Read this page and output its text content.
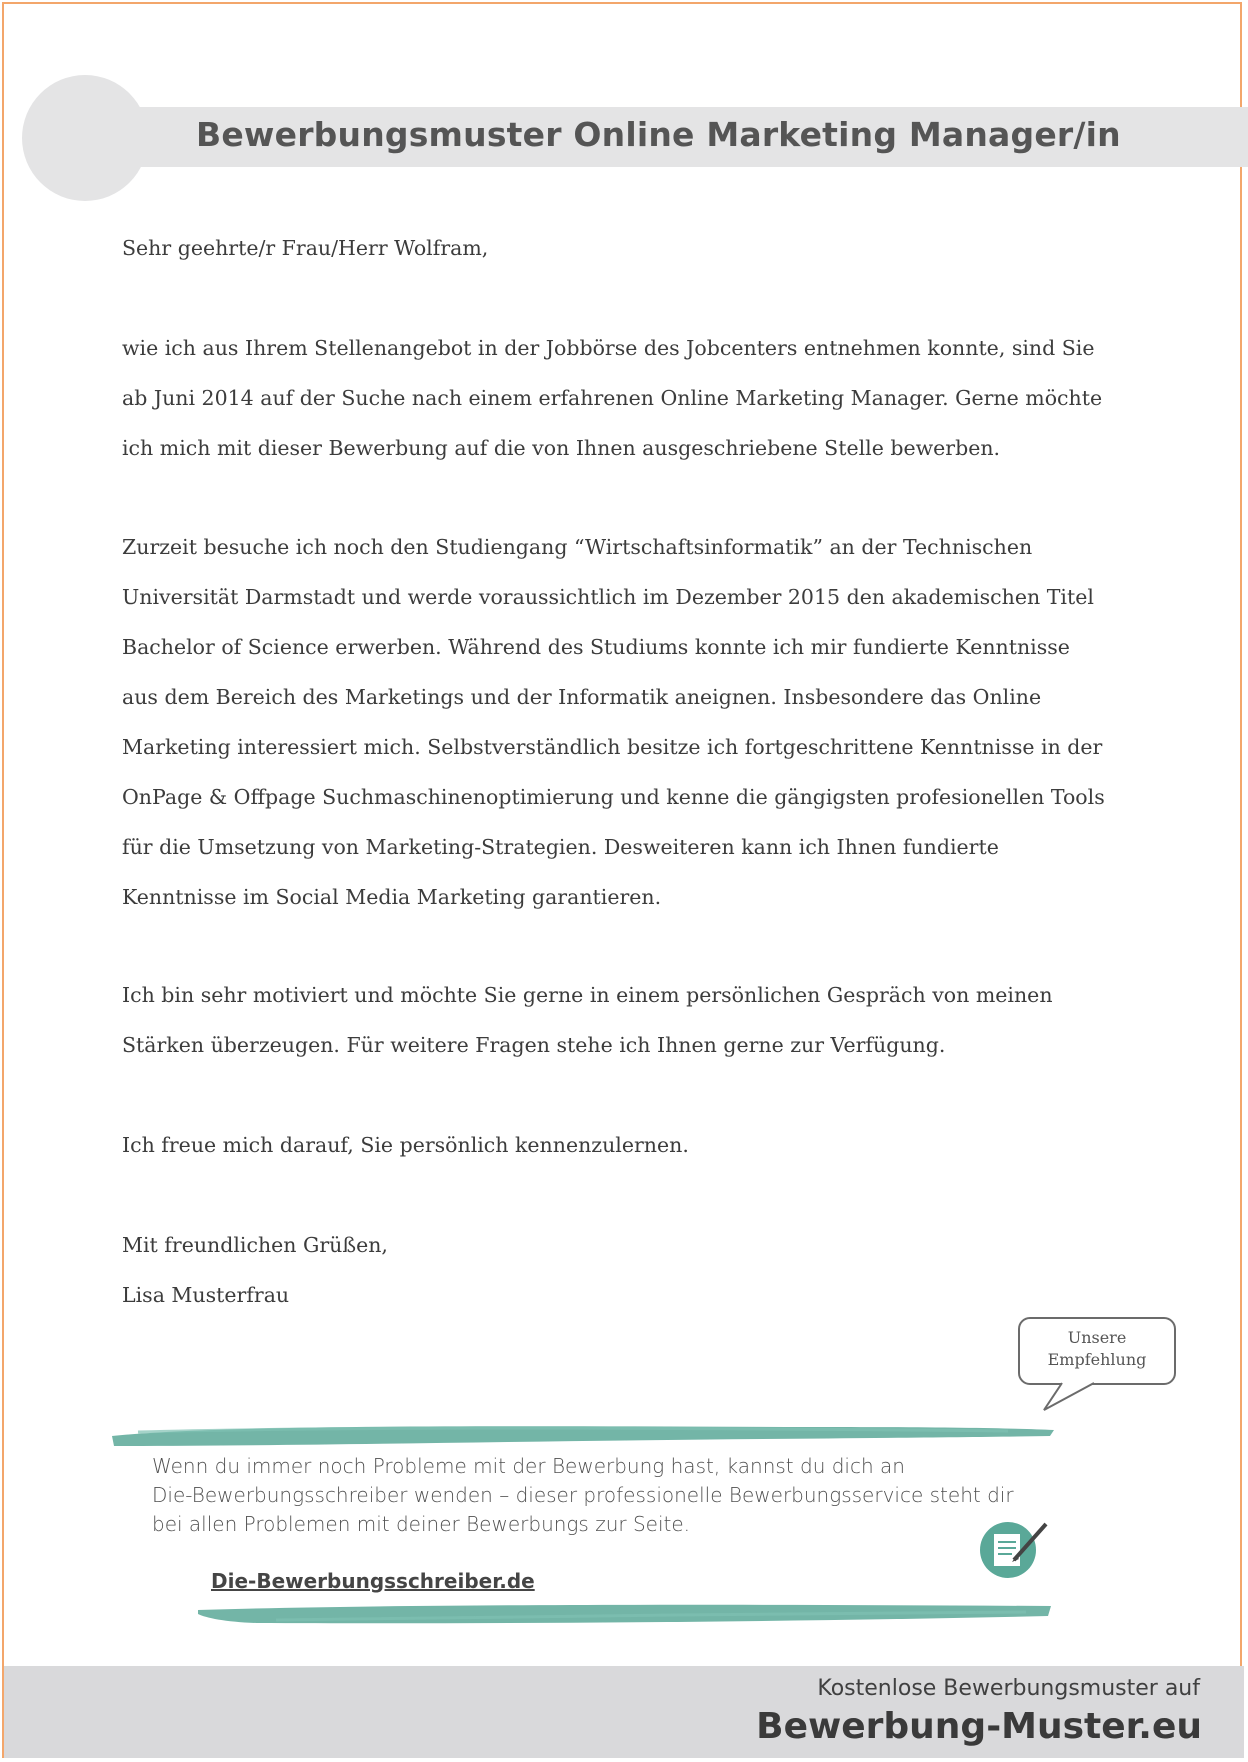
Bewerbungsmuster Online Marketing Manager/in
Sehr geehrte/r Frau/Herr Wolfram,
wie ich aus Ihrem Stellenangebot in der Jobbörse des Jobcenters entnehmen konnte, sind Sie
ab Juni 2014 auf der Suche nach einem erfahrenen Online Marketing Manager. Gerne möchte
ich mich mit dieser Bewerbung auf die von Ihnen ausgeschriebene Stelle bewerben.
Zurzeit besuche ich noch den Studiengang “Wirtschaftsinformatik” an der Technischen
Universität Darmstadt und werde voraussichtlich im Dezember 2015 den akademischen Titel
Bachelor of Science erwerben. Während des Studiums konnte ich mir fundierte Kenntnisse
aus dem Bereich des Marketings und der Informatik aneignen. Insbesondere das Online
Marketing interessiert mich. Selbstverständlich besitze ich fortgeschrittene Kenntnisse in der
OnPage & Offpage Suchmaschinenoptimierung und kenne die gängigsten profesionellen Tools
für die Umsetzung von Marketing-Strategien. Desweiteren kann ich Ihnen fundierte
Kenntnisse im Social Media Marketing garantieren.
Ich bin sehr motiviert und möchte Sie gerne in einem persönlichen Gespräch von meinen
Stärken überzeugen. Für weitere Fragen stehe ich Ihnen gerne zur Verfügung.
Ich freue mich darauf, Sie persönlich kennenzulernen.
Mit freundlichen Grüßen,
Lisa Musterfrau
Unsere
Empfehlung
Wenn du immer noch Probleme mit der Bewerbung hast, kannst du dich an
Die-Bewerbungsschreiber wenden – dieser professionelle Bewerbungsservice steht dir
bei allen Problemen mit deiner Bewerbungs zur Seite.
Die-Bewerbungsschreiber.de
Kostenlose Bewerbungsmuster auf
Bewerbung-Muster.eu
